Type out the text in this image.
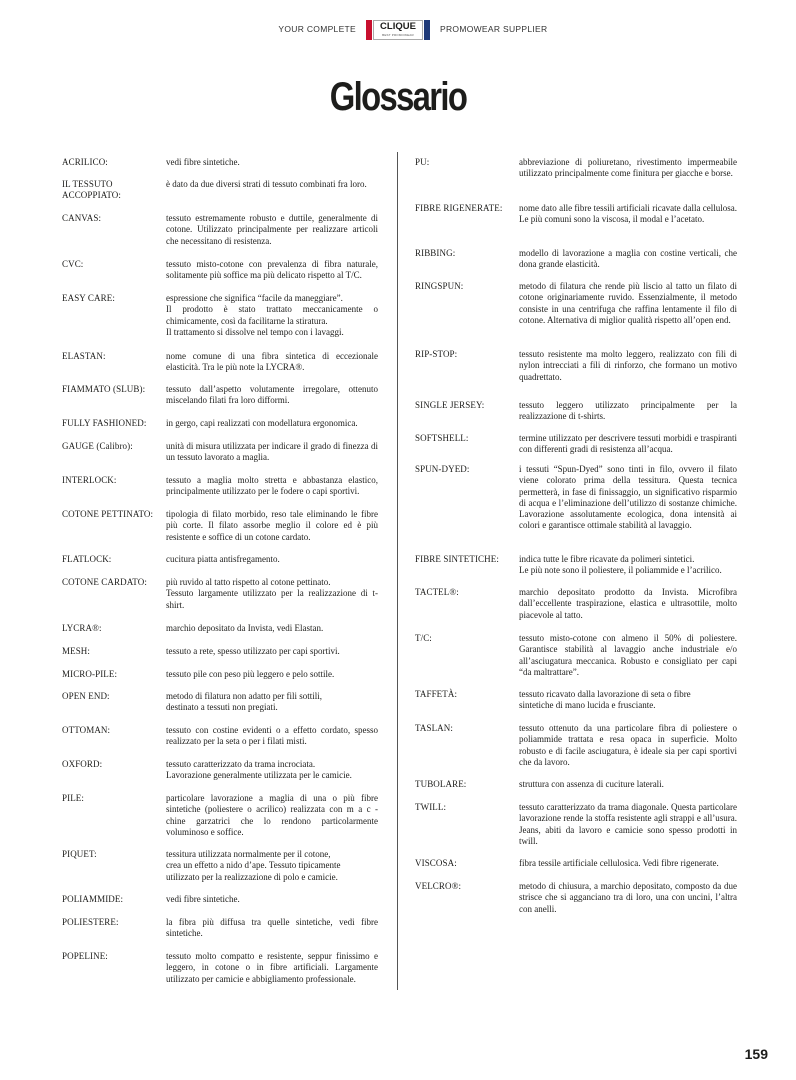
YOUR COMPLETE	CLIQUE
BEST PROMOWEAR
PROMOWEAR SUPPLIER
Glossario
ACRILICO:	vedi fibre sintetiche.
IL TESSUTO ACCOPPIATO:
è dato da due diversi strati di tessuto combinati fra loro.
CANVAS:	tessuto estremamente robusto e duttile, generalmente di cotone. Utilizzato principalmente per realizzare articoli che necessitano di resistenza.
CVC:	tessuto misto-cotone con prevalenza di fibra naturale, solitamente più soffice ma più delicato rispetto al T/C.
EASY CARE:	espressione che significa “facile da maneggiare”.
Il prodotto è stato trattato meccanicamente o chimicamente, così da facilitarne la stiratura.
Il trattamento si dissolve nel tempo con i lavaggi.
ELASTAN:	nome comune di una fibra sintetica di eccezionale elasticità. Tra le più note la LYCRA®.
FIAMMATO (SLUB):	tessuto dall’aspetto volutamente irregolare, ottenuto miscelando filati fra loro difformi.
FULLY FASHIONED:	in gergo, capi realizzati con modellatura ergonomica.
GAUGE (Calibro):	unità di misura utilizzata per indicare il grado di finezza di un tessuto lavorato a maglia.
INTERLOCK:	tessuto a maglia molto stretta e abbastanza elastico, principalmente utilizzato per le fodere o capi sportivi.
COTONE PETTINATO:	tipologia di filato morbido, reso tale eliminando le fibre più corte. Il filato assorbe meglio il colore ed è più resistente e soffice di un cotone cardato.
FLATLOCK:	cucitura piatta antisfregamento.
COTONE CARDATO:	più ruvido al tatto rispetto al cotone pettinato.
Tessuto largamente utilizzato per la realizzazione di t-shirt.
LYCRA®:	marchio depositato da Invista, vedi Elastan.
MESH:	tessuto a rete, spesso utilizzato per capi sportivi.
MICRO-PILE:	tessuto pile con peso più leggero e pelo sottile.
OPEN END:	metodo di filatura non adatto per fili sottili,
destinato a tessuti non pregiati.
OTTOMAN:	tessuto con costine evidenti o a effetto cordato, spesso realizzato per la seta o per i filati misti.
OXFORD:	tessuto caratterizzato da trama incrociata.
Lavorazione generalmente utilizzata per le camicie.
PILE:	particolare lavorazione a maglia di una o più fibre sintetiche (poliestere o acrilico) realizzata con m a c - chine garzatrici che lo rendono particolarmente voluminoso e soffice.
PIQUET:	tessitura utilizzata normalmente per il cotone,
crea un effetto a nido d’ape. Tessuto tipicamente
utilizzato per la realizzazione di polo e camicie.
POLIAMMIDE:	vedi fibre sintetiche.
POLIESTERE:	la fibra più diffusa tra quelle sintetiche, vedi fibre sintetiche.
POPELINE:	tessuto molto compatto e resistente, seppur finissimo e leggero, in cotone o in fibre artificiali. Largamente utilizzato per camicie e abbigliamento professionale.
PU:	abbreviazione di poliuretano, rivestimento impermeabile utilizzato principalmente come finitura per giacche e borse.
FIBRE RIGENERATE:	nome dato alle fibre tessili artificiali ricavate dalla cellulosa. Le più comuni sono la viscosa, il modal e l’acetato.
RIBBING:	modello di lavorazione a maglia con costine verticali, che dona grande elasticità.
RINGSPUN:	metodo di filatura che rende più liscio al tatto un filato di cotone originariamente ruvido. Essenzialmente, il metodo consiste in una centrifuga che raffina lentamente il filo di cotone. Alternativa di miglior qualità rispetto all’open end.
RIP-STOP:	tessuto resistente ma molto leggero, realizzato con fili di nylon intrecciati a fili di rinforzo, che formano un motivo quadrettato.
SINGLE JERSEY:	tessuto leggero utilizzato principalmente per la realizzazione di t-shirts.
SOFTSHELL:	termine utilizzato per descrivere tessuti morbidi e traspiranti con differenti gradi di resistenza all’acqua.
SPUN-DYED:	i tessuti “Spun-Dyed” sono tinti in filo, ovvero il filato viene colorato prima della tessitura. Questa tecnica permetterà, in fase di finissaggio, un significativo risparmio di acqua e l’eliminazione dell’utilizzo di sostanze chimiche. Lavorazione assolutamente ecologica, dona intensità ai colori e garantisce ottimale stabilità al lavaggio.
FIBRE SINTETICHE:	indica tutte le fibre ricavate da polimeri sintetici.
Le più note sono il poliestere, il poliammide e l’acrilico.
TACTEL®:	marchio depositato prodotto da Invista. Microfibra dall’eccellente traspirazione, elastica e ultrasottile, molto piacevole al tatto.
T/C:	tessuto misto-cotone con almeno il 50% di poliestere. Garantisce stabilità al lavaggio anche industriale e/o all’asciugatura meccanica. Robusto e consigliato per capi “da maltrattare”.
TAFFETÀ:	tessuto ricavato dalla lavorazione di seta o fibre
sintetiche di mano lucida e frusciante.
TASLAN:	tessuto ottenuto da una particolare fibra di poliestere o poliammide trattata e resa opaca in superficie. Molto robusto e di facile asciugatura, è ideale sia per capi sportivi che da lavoro.
TUBOLARE:	struttura con assenza di cuciture laterali.
TWILL:	tessuto caratterizzato da trama diagonale. Questa particolare lavorazione rende la stoffa resistente agli strappi e all’usura. Jeans, abiti da lavoro e camicie sono spesso prodotti in twill.
VISCOSA:	fibra tessile artificiale cellulosica. Vedi fibre rigenerate.
VELCRO®:	metodo di chiusura, a marchio depositato, composto da due strisce che si agganciano tra di loro, una con uncini, l’altra con anelli.
159
